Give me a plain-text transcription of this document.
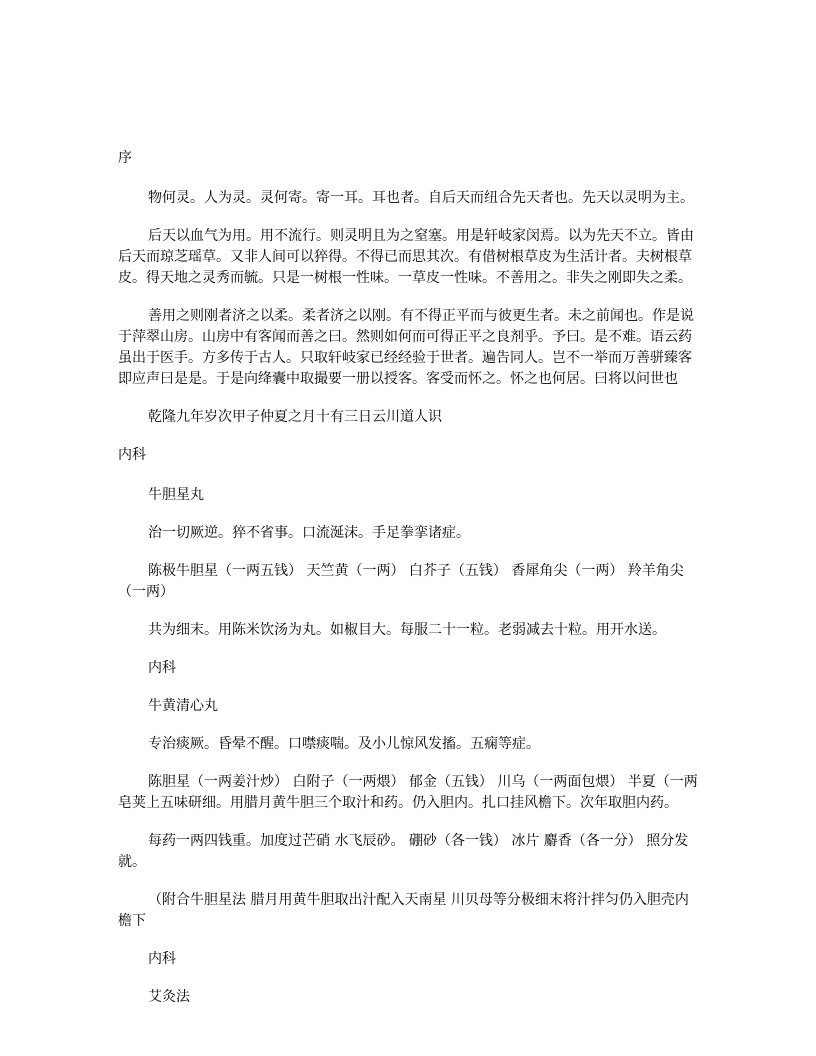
序

物何灵。人为灵。灵何寄。寄一耳。耳也者。自后天而纽合先天者也。先天以灵明为主。

后天以血气为用。用不流行。则灵明且为之窒塞。用是轩岐家闵焉。以为先天不立。皆由后天而琼芝瑶草。又非人间可以猝得。不得已而思其次。有借树根草皮为生活计者。夫树根草皮。得天地之灵秀而毓。只是一树根一性味。一草皮一性味。不善用之。非失之刚即失之柔。

善用之则刚者济之以柔。柔者济之以刚。有不得正平而与彼更生者。未之前闻也。作是说于萍翠山房。山房中有客闻而善之曰。然则如何而可得正平之良剂乎。予曰。是不难。语云药虽出于医手。方多传于古人。只取轩岐家已经经验于世者。遍告同人。岂不一举而万善骈臻客即应声曰是是。于是向绛囊中取撮要一册以授客。客受而怀之。怀之也何居。曰将以问世也

乾隆九年岁次甲子仲夏之月十有三日云川道人识

内科

牛胆星丸

治一切厥逆。猝不省事。口流涎沫。手足拳挛诸症。

陈极牛胆星（一两五钱） 天竺黄（一两） 白芥子（五钱） 香犀角尖（一两） 羚羊角尖（一两）

共为细末。用陈米饮汤为丸。如椒目大。每服二十一粒。老弱减去十粒。用开水送。

内科

牛黄清心丸

专治痰厥。昏晕不醒。口噤痰喘。及小儿惊风发搐。五痫等症。

陈胆星（一两姜汁炒） 白附子（一两煨） 郁金（五钱） 川乌（一两面包煨） 半夏（一两皂荚上五味研细。用腊月黄牛胆三个取汁和药。仍入胆内。扎口挂风檐下。次年取胆内药。

每药一两四钱重。加度过芒硝 水飞辰砂。 硼砂（各一钱） 冰片 麝香（各一分） 照分发就。

（附合牛胆星法 腊月用黄牛胆取出汁配入天南星 川贝母等分极细末将汁拌匀仍入胆壳内檐下

内科

艾灸法
